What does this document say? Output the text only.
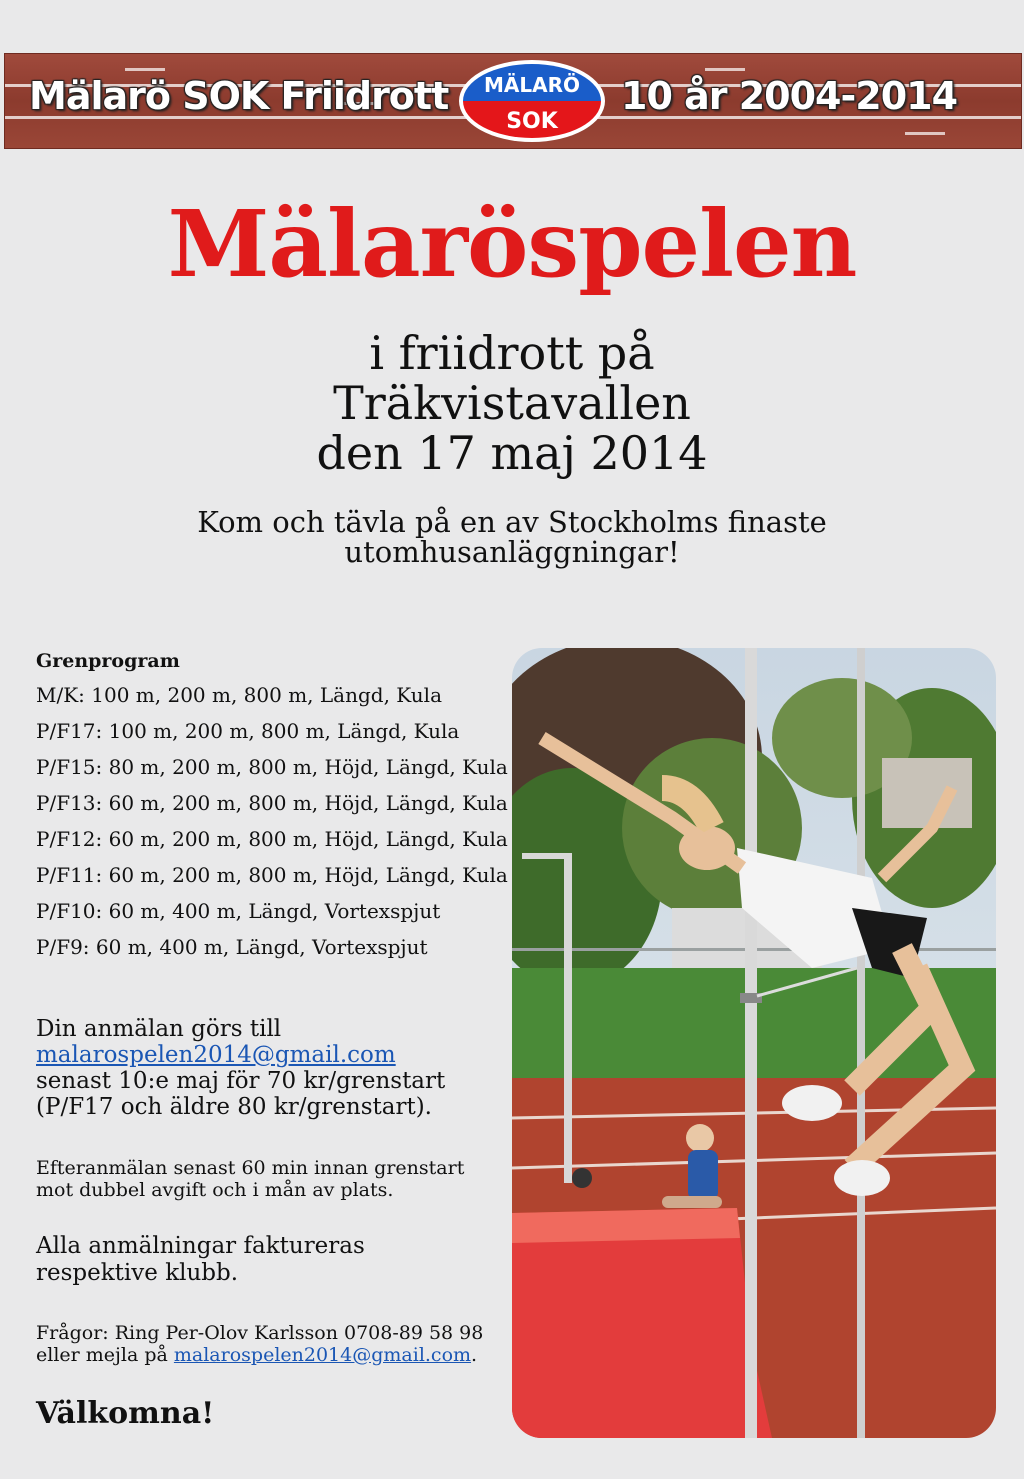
Mälarö SOK Friidrott MÄLARÖ
SOK
10 år 2004-2014
Mälaröspelen
i friidrott på
Träkvistavallen
den 17 maj 2014
Kom och tävla på en av Stockholms finaste
utomhusanläggningar!
Grenprogram
M/K: 100 m, 200 m, 800 m, Längd, Kula
P/F17: 100 m, 200 m, 800 m, Längd, Kula
P/F15: 80 m, 200 m, 800 m, Höjd, Längd, Kula
P/F13: 60 m, 200 m, 800 m, Höjd, Längd, Kula
P/F12: 60 m, 200 m, 800 m, Höjd, Längd, Kula
P/F11: 60 m, 200 m, 800 m, Höjd, Längd, Kula
P/F10: 60 m, 400 m, Längd, Vortexspjut
P/F9: 60 m, 400 m, Längd, Vortexspjut
Din anmälan görs till
malarospelen2014@gmail.com
senast 10:e maj för 70 kr/grenstart
(P/F17 och äldre 80 kr/grenstart).
Efteranmälan senast 60 min innan grenstart
mot dubbel avgift och i mån av plats.
Alla anmälningar faktureras
respektive klubb.
Frågor: Ring Per-Olov Karlsson 0708-89 58 98
eller mejla på malarospelen2014@gmail.com.
Välkomna!
